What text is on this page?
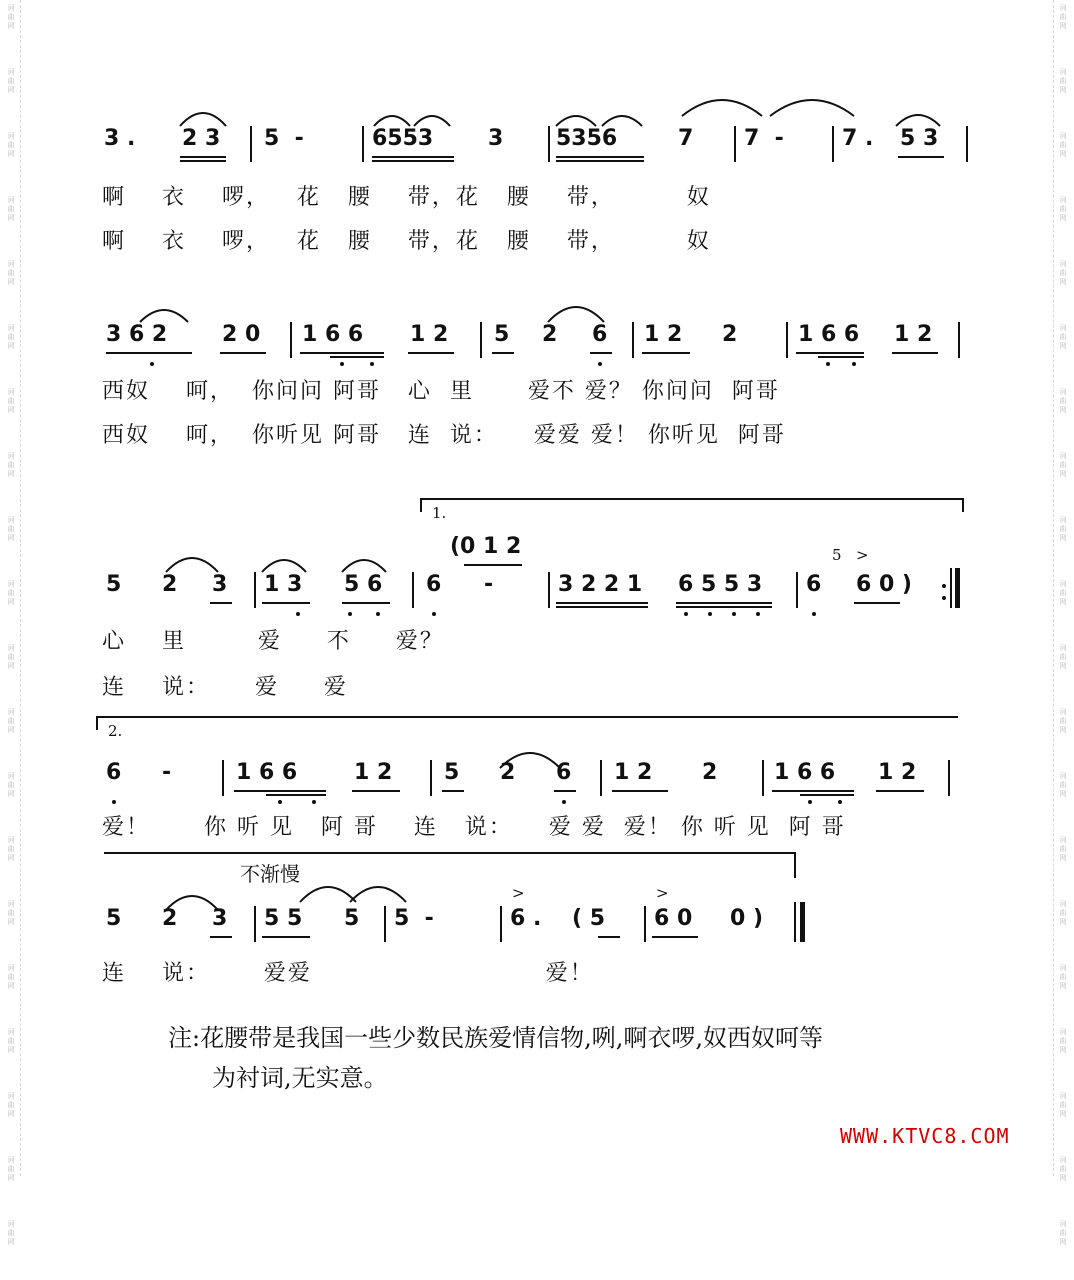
词
曲
网
词
曲
网
词
曲
网
词
曲
网
词
曲
网
词
曲
网
词
曲
网
词
曲
网
词
曲
网
词
曲
网
词
曲
网
词
曲
网
词
曲
网
词
曲
网
词
曲
网
词
曲
网
词
曲
网
词
曲
网
词
曲
网
词
曲
网
词
曲
网
词
曲
网
词
曲
网
词
曲
网
词
曲
网
词
曲
网
词
曲
网
词
曲
网
词
曲
网
词
曲
网
词
曲
网
词
曲
网
词
曲
网
词
曲
网
词
曲
网
词
曲
网
词
曲
网
词
曲
网
词
曲
网
词
曲
网
3 . 2 3 5  -	6553 3 5356	7 7  -	7 . 5 3
啊    衣    啰，   花   腰    带，花   腰    带，        奴
啊    衣    啰，   花   腰    带，花   腰    带，        奴
3 6 2 2 0 1 6 6 1 2 5 2 6 1 2 2	1 6 6 1 2
西奴    呵，  你问问 阿哥   心  里      爱不 爱？ 你问问  阿哥
西奴    呵，  你听见 阿哥   连  说：    爱爱 爱！ 你听见  阿哥
1.
5 2 3 1 3 5 6 6 -
(0 1 2
3 2 2 1 6 5 5 3 6
5 >
6 0 )
心    里        爱     不     爱？
连    说：     爱     爱
2.
6 -	1 6 6	1 2 5 2 6 1 2 2	1 6 6 1 2
爱！      你 听 见   阿 哥    连   说：    爱 爱  爱！ 你 听 见  阿 哥
不渐慢
5 2 3 5 5 5 5  -
>
6 . ( 5
>
6 0 0 )
连    说：      爱爱                          爱！
注:花腰带是我国一些少数民族爱情信物,咧,啊衣啰,奴西奴呵等
为衬词,无实意。
WWW.KTVC8.COM
